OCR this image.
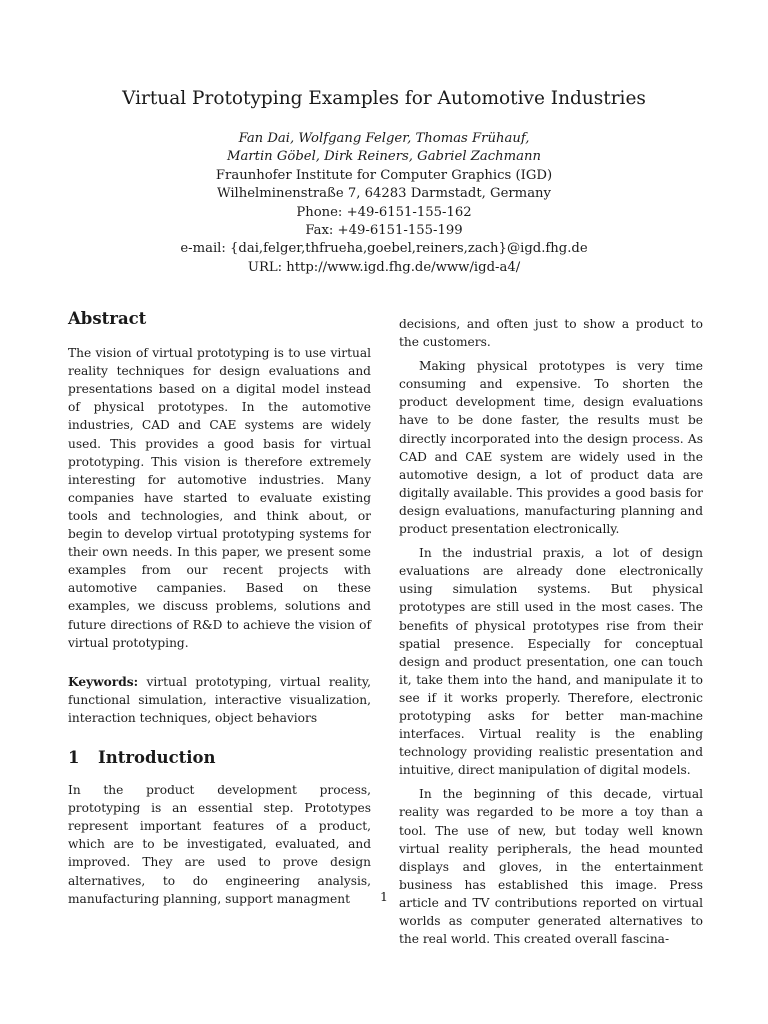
Virtual Prototyping Examples for Automotive Industries
Fan Dai, Wolfgang Felger, Thomas Frühauf,
Martin Göbel, Dirk Reiners, Gabriel Zachmann
Fraunhofer Institute for Computer Graphics (IGD)
Wilhelminenstraße 7, 64283 Darmstadt, Germany
Phone: +49-6151-155-162
Fax: +49-6151-155-199
e-mail: {dai,felger,thfrueha,goebel,reiners,zach}@igd.fhg.de
URL: http://www.igd.fhg.de/www/igd-a4/
Abstract

The vision of virtual prototyping is to use virtual reality techniques for design evaluations and presentations based on a digital model instead of physical prototypes. In the automotive industries, CAD and CAE systems are widely used. This provides a good basis for virtual prototyping. This vision is therefore extremely interesting for automotive industries. Many companies have started to evaluate existing tools and technologies, and think about, or begin to develop virtual prototyping systems for their own needs. In this paper, we present some examples from our recent projects with automotive campanies. Based on these examples, we discuss problems, solutions and future directions of R&D to achieve the vision of virtual prototyping.

Keywords: virtual prototyping, virtual reality, functional simulation, interactive visualization, interaction techniques, object behaviors

1 Introduction

In the product development process, prototyping is an essential step. Prototypes represent important features of a product, which are to be investigated, evaluated, and improved. They are used to prove design alternatives, to do engineering analysis, manufacturing planning, support managment

decisions, and often just to show a product to the customers.

Making physical prototypes is very time consuming and expensive. To shorten the product development time, design evaluations have to be done faster, the results must be directly incorporated into the design process. As CAD and CAE system are widely used in the automotive design, a lot of product data are digitally available. This provides a good basis for design evaluations, manufacturing planning and product presentation electronically.

In the industrial praxis, a lot of design evaluations are already done electronically using simulation systems. But physical prototypes are still used in the most cases. The benefits of physical prototypes rise from their spatial presence. Especially for conceptual design and product presentation, one can touch it, take them into the hand, and manipulate it to see if it works properly. Therefore, electronic prototyping asks for better man-machine interfaces. Virtual reality is the enabling technology providing realistic presentation and intuitive, direct manipulation of digital models.

In the beginning of this decade, virtual reality was regarded to be more a toy than a tool. The use of new, but today well known virtual reality peripherals, the head mounted displays and gloves, in the entertainment business has established this image. Press article and TV contributions reported on virtual worlds as computer generated alternatives to the real world. This created overall fascina-

1
